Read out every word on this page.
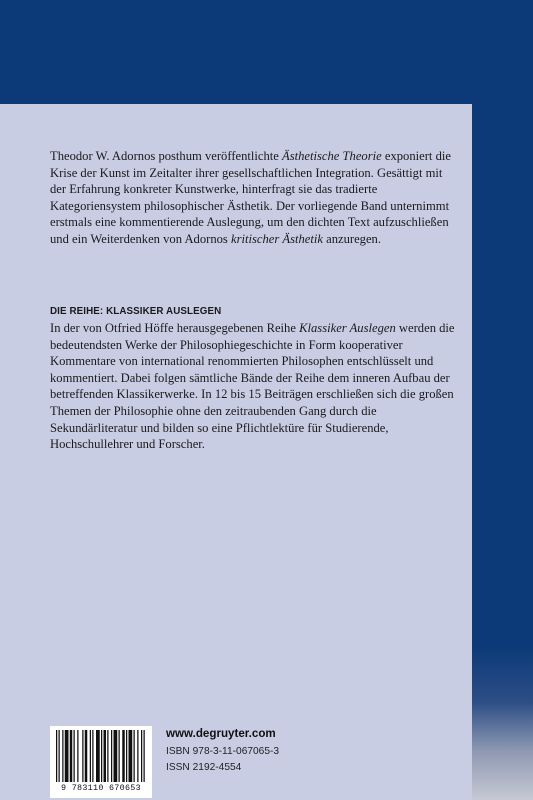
Theodor W. Adornos posthum veröffentlichte Ästhetische Theorie exponiert die Krise der Kunst im Zeitalter ihrer gesellschaftlichen Integration. Gesättigt mit der Erfahrung konkreter Kunstwerke, hinterfragt sie das tradierte Kategoriensystem philosophischer Ästhetik. Der vorliegende Band unternimmt erstmals eine kommentierende Auslegung, um den dichten Text aufzuschließen und ein Weiterdenken von Adornos kritischer Ästhetik anzuregen.

DIE REIHE: KLASSIKER AUSLEGEN

In der von Otfried Höffe herausgegebenen Reihe Klassiker Auslegen werden die bedeutendsten Werke der Philosophiegeschichte in Form kooperativer Kommentare von international renommierten Philosophen entschlüsselt und kommentiert. Dabei folgen sämtliche Bände der Reihe dem inneren Aufbau der betreffenden Klassikerwerke. In 12 bis 15 Beiträgen erschließen sich die großen Themen der Philosophie ohne den zeitraubenden Gang durch die Sekundärliteratur und bilden so eine Pflichtlektüre für Studierende, Hochschullehrer und Forscher.

9 783110 670653
www.degruyter.com
ISBN 978-3-11-067065-3
ISSN 2192-4554
